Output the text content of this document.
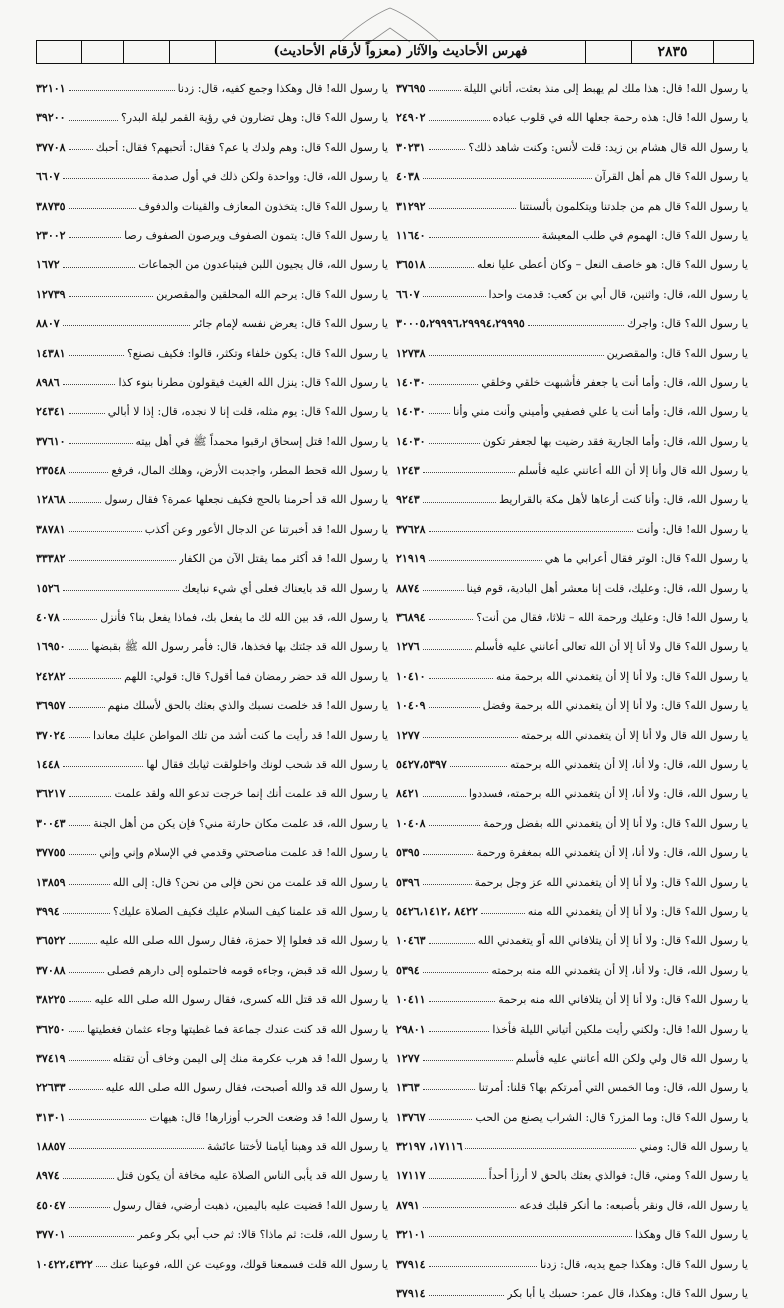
فهرس الأحاديث والآثار (معزواً لأرقام الأحاديث)	٢٨٣٥
يا رسول الله! قال: هذا ملك لم يهبط إلى منذ بعثت، أتاني الليلة
٣٧٦٩٥
يا رسول الله! قال: هذه رحمة جعلها الله في قلوب عباده
٢٤٩٠٢
يا رسول الله قال هشام بن زيد: قلت لأنس: وكنت شاهد ذلك؟
٣٠٢٣١
يا رسول الله؟ قال هم أهل القرآن
٤٠٣٨
يا رسول الله؟ قال هم من جلدتنا ويتكلمون بألسنتنا
٣١٢٩٢
يا رسول الله؟ قال: الهموم في طلب المعيشة
١١٦٤٠
يا رسول الله؟ قال: هو خاصف النعل – وكان أعطى عليا نعله
٣٦٥١٨
يا رسول الله، قال: واثنين، قال أبي بن كعب: قدمت واحدا
٦٦٠٧
يا رسول الله؟ قال: واجرك
٣٠٠٠٥،٢٩٩٩٦،٢٩٩٩٤،٢٩٩٩٥
يا رسول الله؟ قال: والمقصرين
١٢٧٣٨
يا رسول الله، قال: وأما أنت يا جعفر فأشبهت خلقي وخلقي
١٤٠٣٠
يا رسول الله، قال: وأما أنت يا علي فصفيي وأميني وأنت مني وأنا
١٤٠٣٠
يا رسول الله، قال: وأما الجارية فقد رضيت بها لجعفر تكون
١٤٠٣٠
يا رسول الله قال وأنا إلا أن الله أعانني عليه فأسلم
١٢٤٣
يا رسول الله، قال: وأنا كنت أرعاها لأهل مكة بالقراريط
٩٢٤٣
يا رسول الله! قال: وأنت
٣٧٦٢٨
يا رسول الله؟ قال: الوتر فقال أعرابي ما هي
٢١٩١٩
يا رسول الله، قال: وعليك، قلت إنا معشر أهل البادية، قوم فينا
٨٨٧٤
يا رسول الله! قال: وعليك ورحمة الله – ثلاثا، فقال من أنت؟
٣٦٨٩٤
يا رسول الله؟ قال ولا أنا إلا أن الله تعالى أعانني عليه فأسلم
١٢٧٦
يا رسول الله؟ قال: ولا أنا إلا أن يتغمدني الله برحمة منه
١٠٤١٠
يا رسول الله؟ قال: ولا أنا إلا أن يتغمدني الله برحمة وفضل
١٠٤٠٩
يا رسول الله قال ولا أنا إلا أن يتغمدني الله برحمته
١٢٧٧
يا رسول الله، قال: ولا أنا، إلا أن يتغمدني الله برحمته
٥٤٢٧،٥٣٩٧
يا رسول الله، قال: ولا أنا، إلا أن يتغمدني الله برحمته، فسددوا
٨٤٢١
يا رسول الله؟ قال: ولا أنا إلا أن يتغمدني الله بفضل ورحمة
١٠٤٠٨
يا رسول الله، قال: ولا أنا، إلا أن يتغمدني الله بمغفرة ورحمة
٥٣٩٥
يا رسول الله؟ قال: ولا أنا إلا أن يتغمدني الله عز وجل برحمة
٥٣٩٦
يا رسول الله؟ قال: ولا أنا إلا أن يتغمدني الله منه
٨٤٢٢ ،٥٤٢٦،١٤١٢
يا رسول الله؟ قال: ولا أنا إلا أن يتلافاني الله أو يتغمدني الله
١٠٤٦٣
يا رسول الله، قال: ولا أنا، إلا أن يتغمدني الله منه برحمته
٥٣٩٤
يا رسول الله؟ قال: ولا أنا إلا أن يتلافاني الله منه برحمة
١٠٤١١
يا رسول الله! قال: ولكني رأيت ملكين أتياني الليلة فأخذا
٢٩٨٠١
يا رسول الله قال ولي ولكن الله أعانني عليه فأسلم
١٢٧٧
يا رسول الله، قال: وما الخمس التي أمرتكم بها؟ قلنا: أمرتنا
١٣٦٣
يا رسول الله؟ قال: وما المزر؟ قال: الشراب يصنع من الحب
١٣٧٦٧
يا رسول الله قال: ومني
١٧١١٦، ٣٢١٩٧
يا رسول الله؟ ومني، قال: فوالذي بعثك بالحق لا أرزأ أحداً
١٧١١٧
يا رسول الله، قال ونقر بأصبعه: ما أنكر قلبك فدعه
٨٧٩١
يا رسول الله؟ قال وهكذا
٣٢١٠١
يا رسول الله؟ قال: وهكذا جمع يديه، قال: زدنا
٣٧٩١٤
يا رسول الله؟ قال: وهكذا، قال عمر: حسبك يا أبا بكر
٣٧٩١٤
يا رسول الله! قال وهكذا وجمع كفيه، قال: زدنا
٣٢١٠١
يا رسول الله؟ قال: وهل تضارون في رؤية القمر ليلة البدر؟
٣٩٢٠٠
يا رسول الله؟ قال: وهم ولدك يا عم؟ فقال: أتحبهم؟ فقال: أحبك
٣٧٧٠٨
يا رسول الله، قال: وواحدة ولكن ذلك في أول صدمة
٦٦٠٧
يا رسول الله؟ قال: يتخذون المعازف والقينات والدفوف
٣٨٧٣٥
يا رسول الله؟ قال: يتمون الصفوف ويرصون الصفوف رصا
٢٣٠٠٢
يا رسول الله، قال يجيون اللبن فيتباعدون من الجماعات
١٦٧٢
يا رسول الله؟ قال: يرحم الله المحلقين والمقصرين
١٢٧٣٩
يا رسول الله؟ قال: يعرض نفسه لإمام جائر
٨٨٠٧
يا رسول الله؟ قال: يكون خلفاء وتكثر، قالوا: فكيف نصنع؟
١٤٣٨١
يا رسول الله؟ قال: ينزل الله الغيث فيقولون مطرنا بنوء كذا
٨٩٨٦
يا رسول الله؟ قال: يوم مثله، قلت إنا لا نجده، قال: إذا لا أبالي
٢٤٣٤١
يا رسول الله! قتل إسحاق ارقبوا محمداً ﷺ في أهل بيته
٣٧٦١٠
يا رسول الله قحط المطر، واجدبت الأرض، وهلك المال، فرفع
٢٣٥٤٨
يا رسول الله قد أحرمنا بالحج فكيف نجعلها عمرة؟ فقال رسول
١٢٨٦٨
يا رسول الله! قد أخبرتنا عن الدجال الأعور وعن أكذب
٣٨٧٨١
يا رسول الله! قد أكثر مما يقتل الآن من الكفار
٣٣٣٨٢
يا رسول الله قد بايعناك فعلى أي شيء نبايعك
١٥٢٦
يا رسول الله، قد بين الله لك ما يفعل بك، فماذا يفعل بنا؟ فأنزل
٤٠٧٨
يا رسول الله قد جئتك بها فخذها، قال: فأمر رسول الله ﷺ بقبضها
١٦٩٥٠
يا رسول الله قد حضر رمضان فما أقول؟ قال: قولي: اللهم
٢٤٢٨٢
يا رسول الله! قد خلصت نسبك والذي بعثك بالحق لأسلك منهم
٣٦٩٥٧
يا رسول الله! قد رأيت ما كنت أشد من تلك المواطن عليك معاندا
٣٧٠٢٤
يا رسول الله قد شحب لونك واخلولقت ثيابك فقال لها
١٤٤٨
يا رسول الله قد علمت أنك إنما خرجت تدعو الله ولقد علمت
٣٦٢١٧
يا رسول الله، قد علمت مكان حارثة مني؟ فإن يكن من أهل الجنة
٣٠٠٤٣
يا رسول الله! قد علمت مناصحتي وقدمي في الإسلام وإني وإني
٣٧٧٥٥
يا رسول الله قد علمت من نحن فإلى من نحن؟ قال: إلى الله
١٣٨٥٩
يا رسول الله قد علمنا كيف السلام عليك فكيف الصلاة عليك؟
٣٩٩٤
يا رسول الله قد فعلوا إلا حمزة، فقال رسول الله صلى الله عليه
٣٦٥٢٢
يا رسول الله قد قبض، وجاءه قومه فاحتملوه إلى دارهم فصلى
٣٧٠٨٨
يا رسول الله قد قتل الله كسرى، فقال رسول الله صلى الله عليه
٣٨٢٢٥
يا رسول الله قد كنت عندك جماعة فما غطيتها وجاء عثمان فغطيتها
٣٦٢٥٠
يا رسول الله! قد هرب عكرمة منك إلى اليمن وخاف أن تقتله
٣٧٤١٩
يا رسول الله قد والله أصبحت، فقال رسول الله صلى الله عليه
٢٢٦٣٣
يا رسول الله! قد وضعت الحرب أوزارها! قال: هيهات
٣١٣٠١
يا رسول الله قد وهبنا أيامنا لأختنا عائشة
١٨٨٥٧
يا رسول الله قد يأبى الناس الصلاة عليه مخافة أن يكون قتل
٨٩٧٤
يا رسول الله! قضيت عليه باليمين، ذهبت أرضي، فقال رسول
٤٥٠٤٧
يا رسول الله، قلت: ثم ماذا؟ قالا: ثم حب أبي بكر وعمر
٣٧٧٠١
يا رسول الله قلت فسمعنا قولك، ووعيت عن الله، فوعينا عنك
١٠٤٢٢،٤٣٢٢
